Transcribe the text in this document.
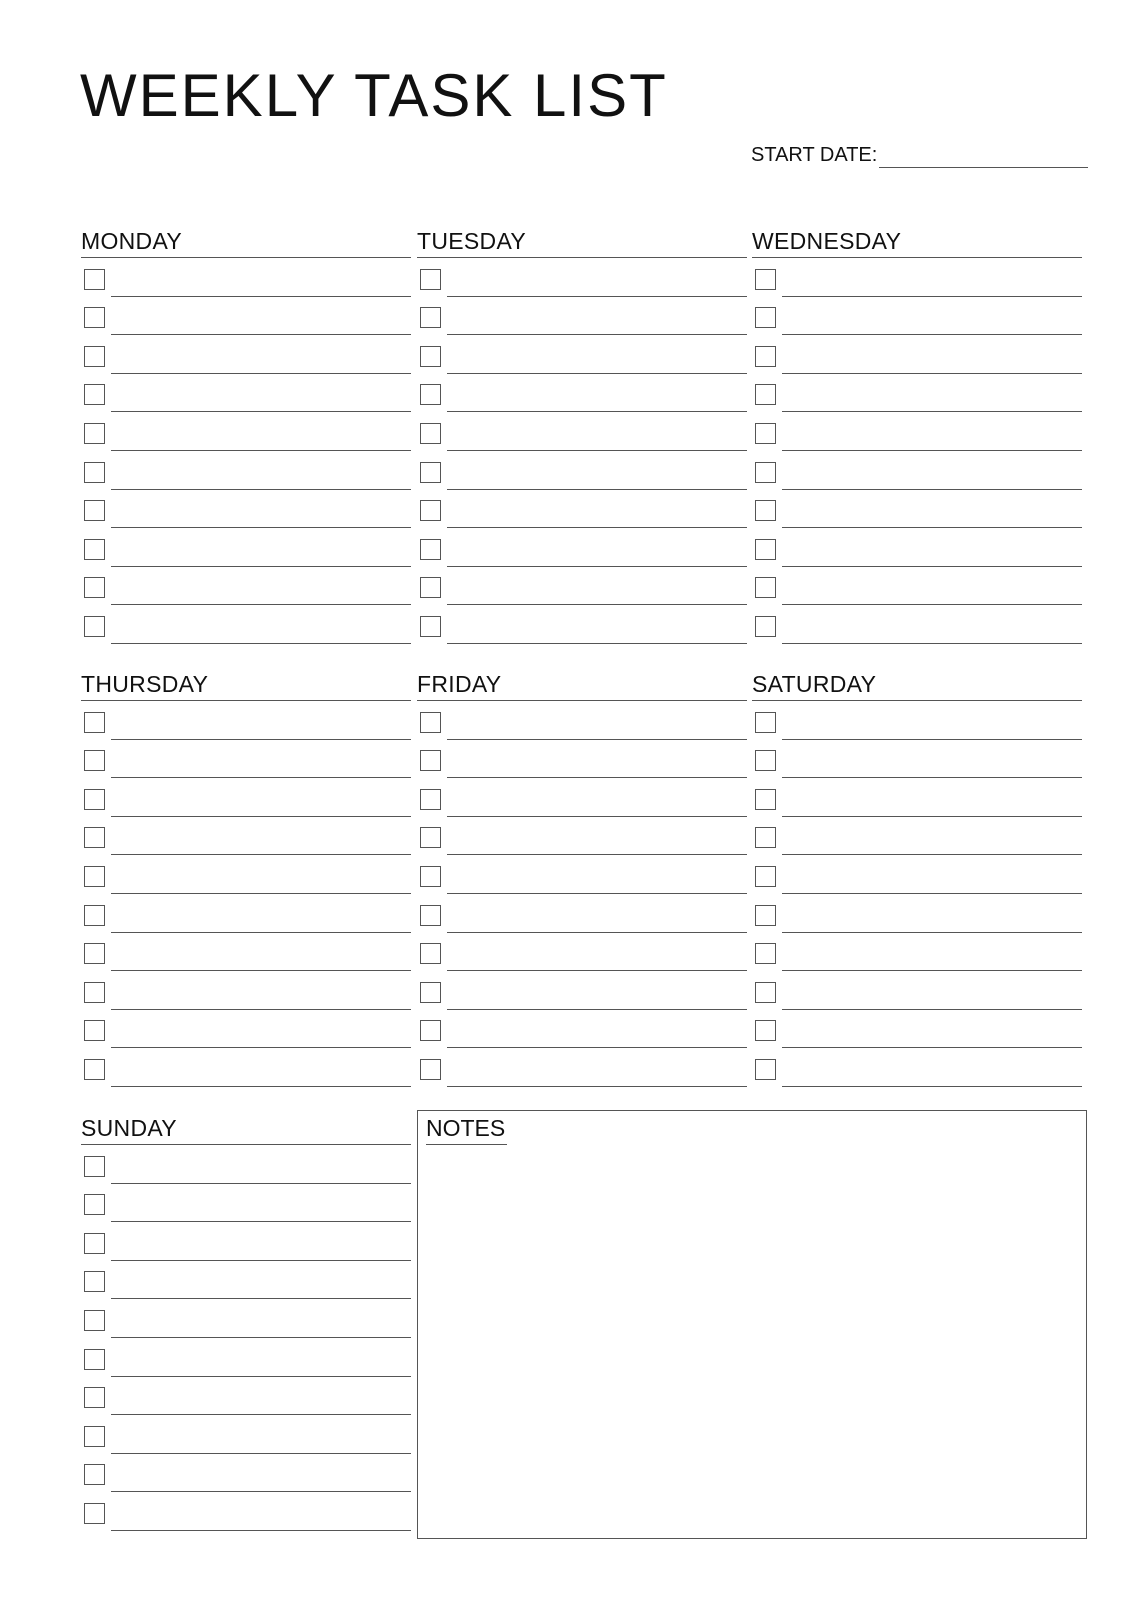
WEEKLY TASK LIST
START DATE:
MONDAY	TUESDAY	WEDNESDAY
THURSDAY	FRIDAY	SATURDAY
SUNDAY	NOTES
